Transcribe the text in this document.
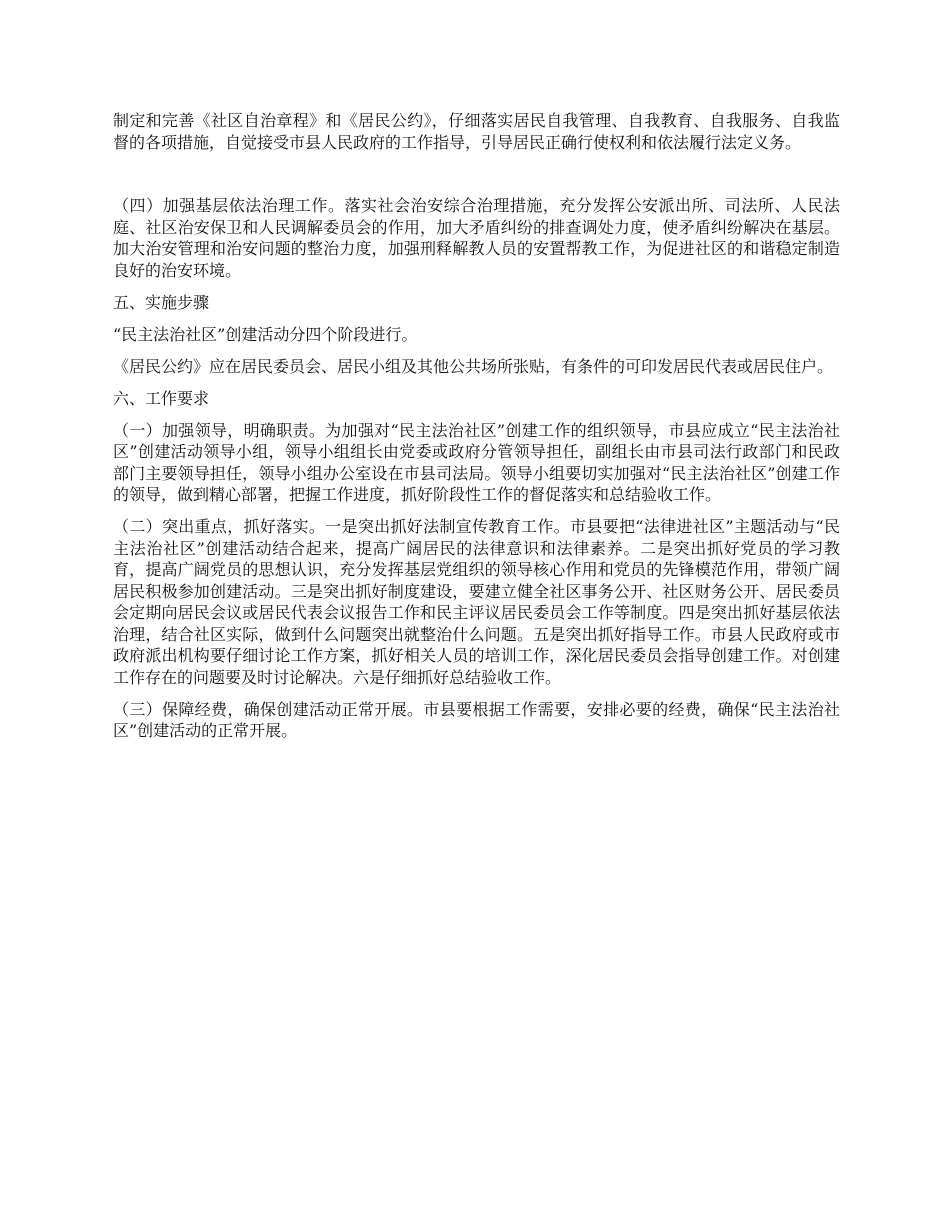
制定和完善《社区自治章程》和《居民公约》，仔细落实居民自我管理、自我教育、自我服务、自我监督的各项措施，自觉接受市县人民政府的工作指导，引导居民正确行使权利和依法履行法定义务。

（四）加强基层依法治理工作。落实社会治安综合治理措施，充分发挥公安派出所、司法所、人民法庭、社区治安保卫和人民调解委员会的作用，加大矛盾纠纷的排查调处力度，使矛盾纠纷解决在基层。加大治安管理和治安问题的整治力度，加强刑释解教人员的安置帮教工作，为促进社区的和谐稳定制造良好的治安环境。

五、实施步骤

“民主法治社区”创建活动分四个阶段进行。

《居民公约》应在居民委员会、居民小组及其他公共场所张贴，有条件的可印发居民代表或居民住户。

六、工作要求

（一）加强领导，明确职责。为加强对“民主法治社区”创建工作的组织领导，市县应成立“民主法治社区”创建活动领导小组，领导小组组长由党委或政府分管领导担任，副组长由市县司法行政部门和民政部门主要领导担任，领导小组办公室设在市县司法局。领导小组要切实加强对“民主法治社区”创建工作的领导，做到精心部署，把握工作进度，抓好阶段性工作的督促落实和总结验收工作。

（二）突出重点，抓好落实。一是突出抓好法制宣传教育工作。市县要把“法律进社区”主题活动与“民主法治社区”创建活动结合起来，提高广阔居民的法律意识和法律素养。二是突出抓好党员的学习教育，提高广阔党员的思想认识，充分发挥基层党组织的领导核心作用和党员的先锋模范作用，带领广阔居民积极参加创建活动。三是突出抓好制度建设，要建立健全社区事务公开、社区财务公开、居民委员会定期向居民会议或居民代表会议报告工作和民主评议居民委员会工作等制度。四是突出抓好基层依法治理，结合社区实际，做到什么问题突出就整治什么问题。五是突出抓好指导工作。市县人民政府或市政府派出机构要仔细讨论工作方案，抓好相关人员的培训工作，深化居民委员会指导创建工作。对创建工作存在的问题要及时讨论解决。六是仔细抓好总结验收工作。

（三）保障经费，确保创建活动正常开展。市县要根据工作需要，安排必要的经费，确保“民主法治社区”创建活动的正常开展。
